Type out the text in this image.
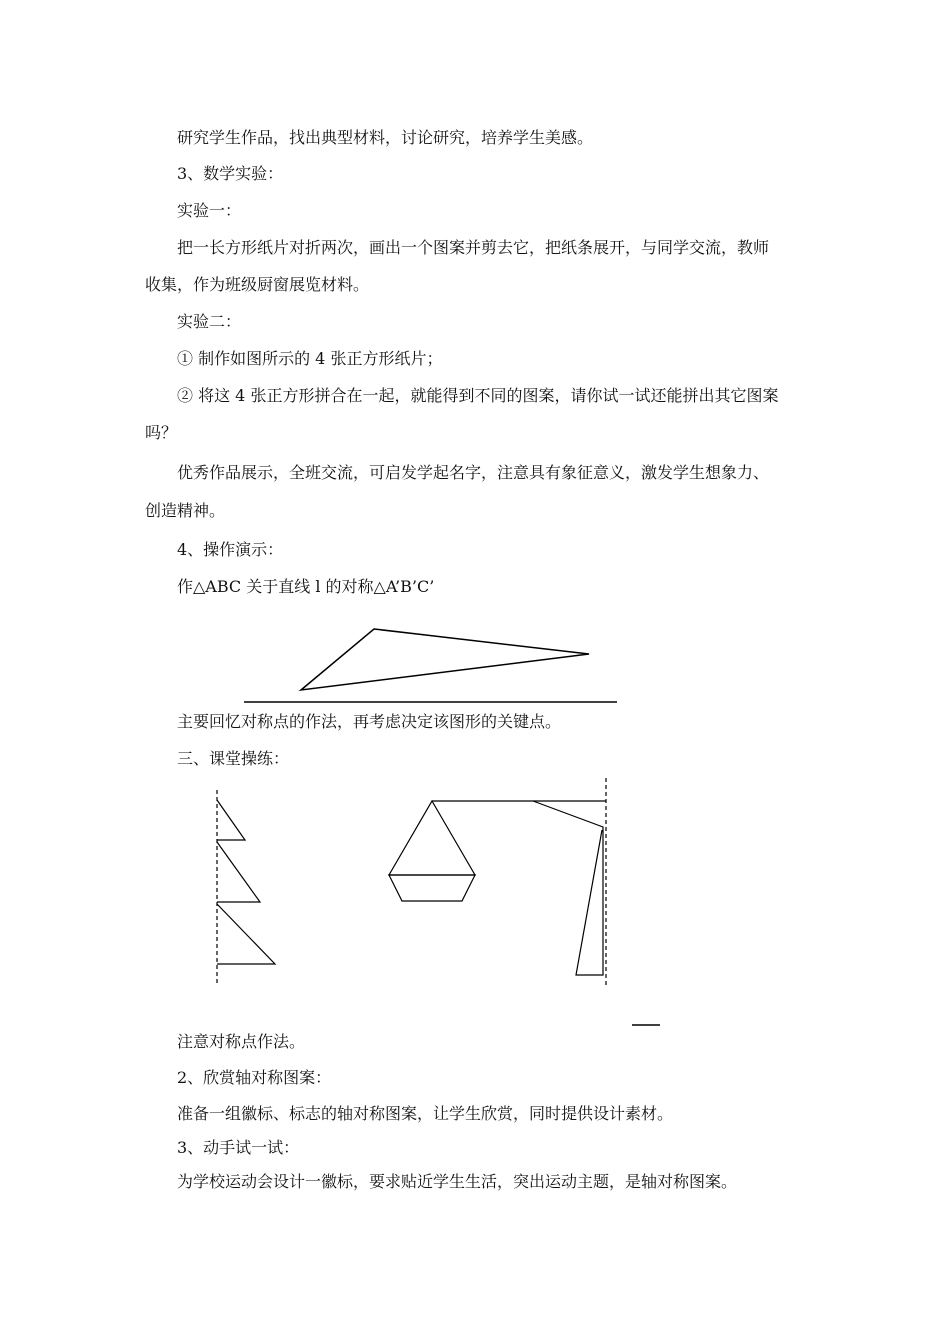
研究学生作品，找出典型材料，讨论研究，培养学生美感。
3、数学实验：
实验一：
把一长方形纸片对折两次，画出一个图案并剪去它，把纸条展开，与同学交流，教师
收集，作为班级厨窗展览材料。
实验二：
① 制作如图所示的 4 张正方形纸片；
② 将这 4 张正方形拼合在一起，就能得到不同的图案，请你试一试还能拼出其它图案
吗？
优秀作品展示，全班交流，可启发学起名字，注意具有象征意义，激发学生想象力、
创造精神。
4、操作演示：
作△ABC 关于直线 l 的对称△A’B’C’
主要回忆对称点的作法，再考虑决定该图形的关键点。
三、课堂操练：
注意对称点作法。
2、欣赏轴对称图案：
准备一组徽标、标志的轴对称图案，让学生欣赏，同时提供设计素材。
3、动手试一试：
为学校运动会设计一徽标，要求贴近学生生活，突出运动主题，是轴对称图案。
